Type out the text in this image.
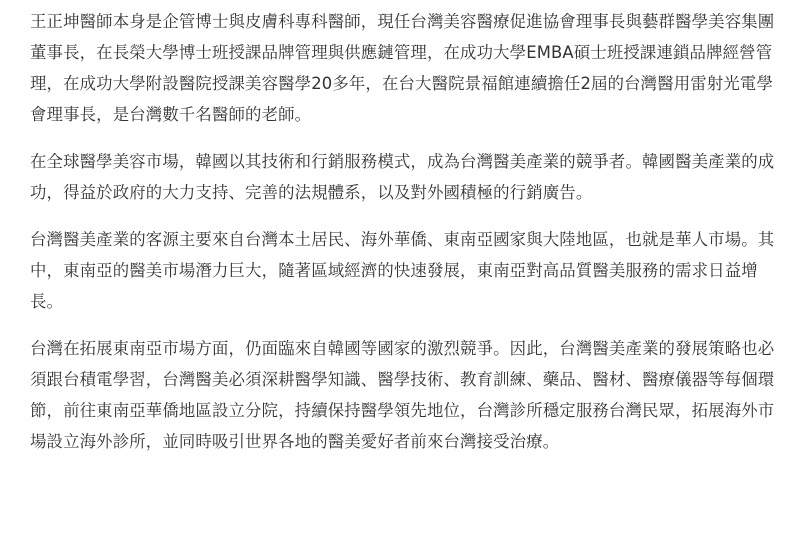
王正坤醫師本身是企管博士與皮膚科專科醫師，現任台灣美容醫療促進協會理事長與藝群醫學美容集團董事長，在長榮大學博士班授課品牌管理與供應鏈管理，在成功大學EMBA碩士班授課連鎖品牌經營管理，在成功大學附設醫院授課美容醫學20多年，在台大醫院景福館連續擔任2屆的台灣醫用雷射光電學會理事長，是台灣數千名醫師的老師。

在全球醫學美容市場，韓國以其技術和行銷服務模式，成為台灣醫美產業的競爭者。韓國醫美產業的成功，得益於政府的大力支持、完善的法規體系，以及對外國積極的行銷廣告。

台灣醫美產業的客源主要來自台灣本土居民、海外華僑、東南亞國家與大陸地區，也就是華人市場。其中，東南亞的醫美市場潛力巨大，隨著區域經濟的快速發展，東南亞對高品質醫美服務的需求日益增長。

台灣在拓展東南亞市場方面，仍面臨來自韓國等國家的激烈競爭。因此，台灣醫美產業的發展策略也必須跟台積電學習，台灣醫美必須深耕醫學知識、醫學技術、教育訓練、藥品、醫材、醫療儀器等每個環節，前往東南亞華僑地區設立分院，持續保持醫學領先地位，台灣診所穩定服務台灣民眾，拓展海外市場設立海外診所，並同時吸引世界各地的醫美愛好者前來台灣接受治療。
